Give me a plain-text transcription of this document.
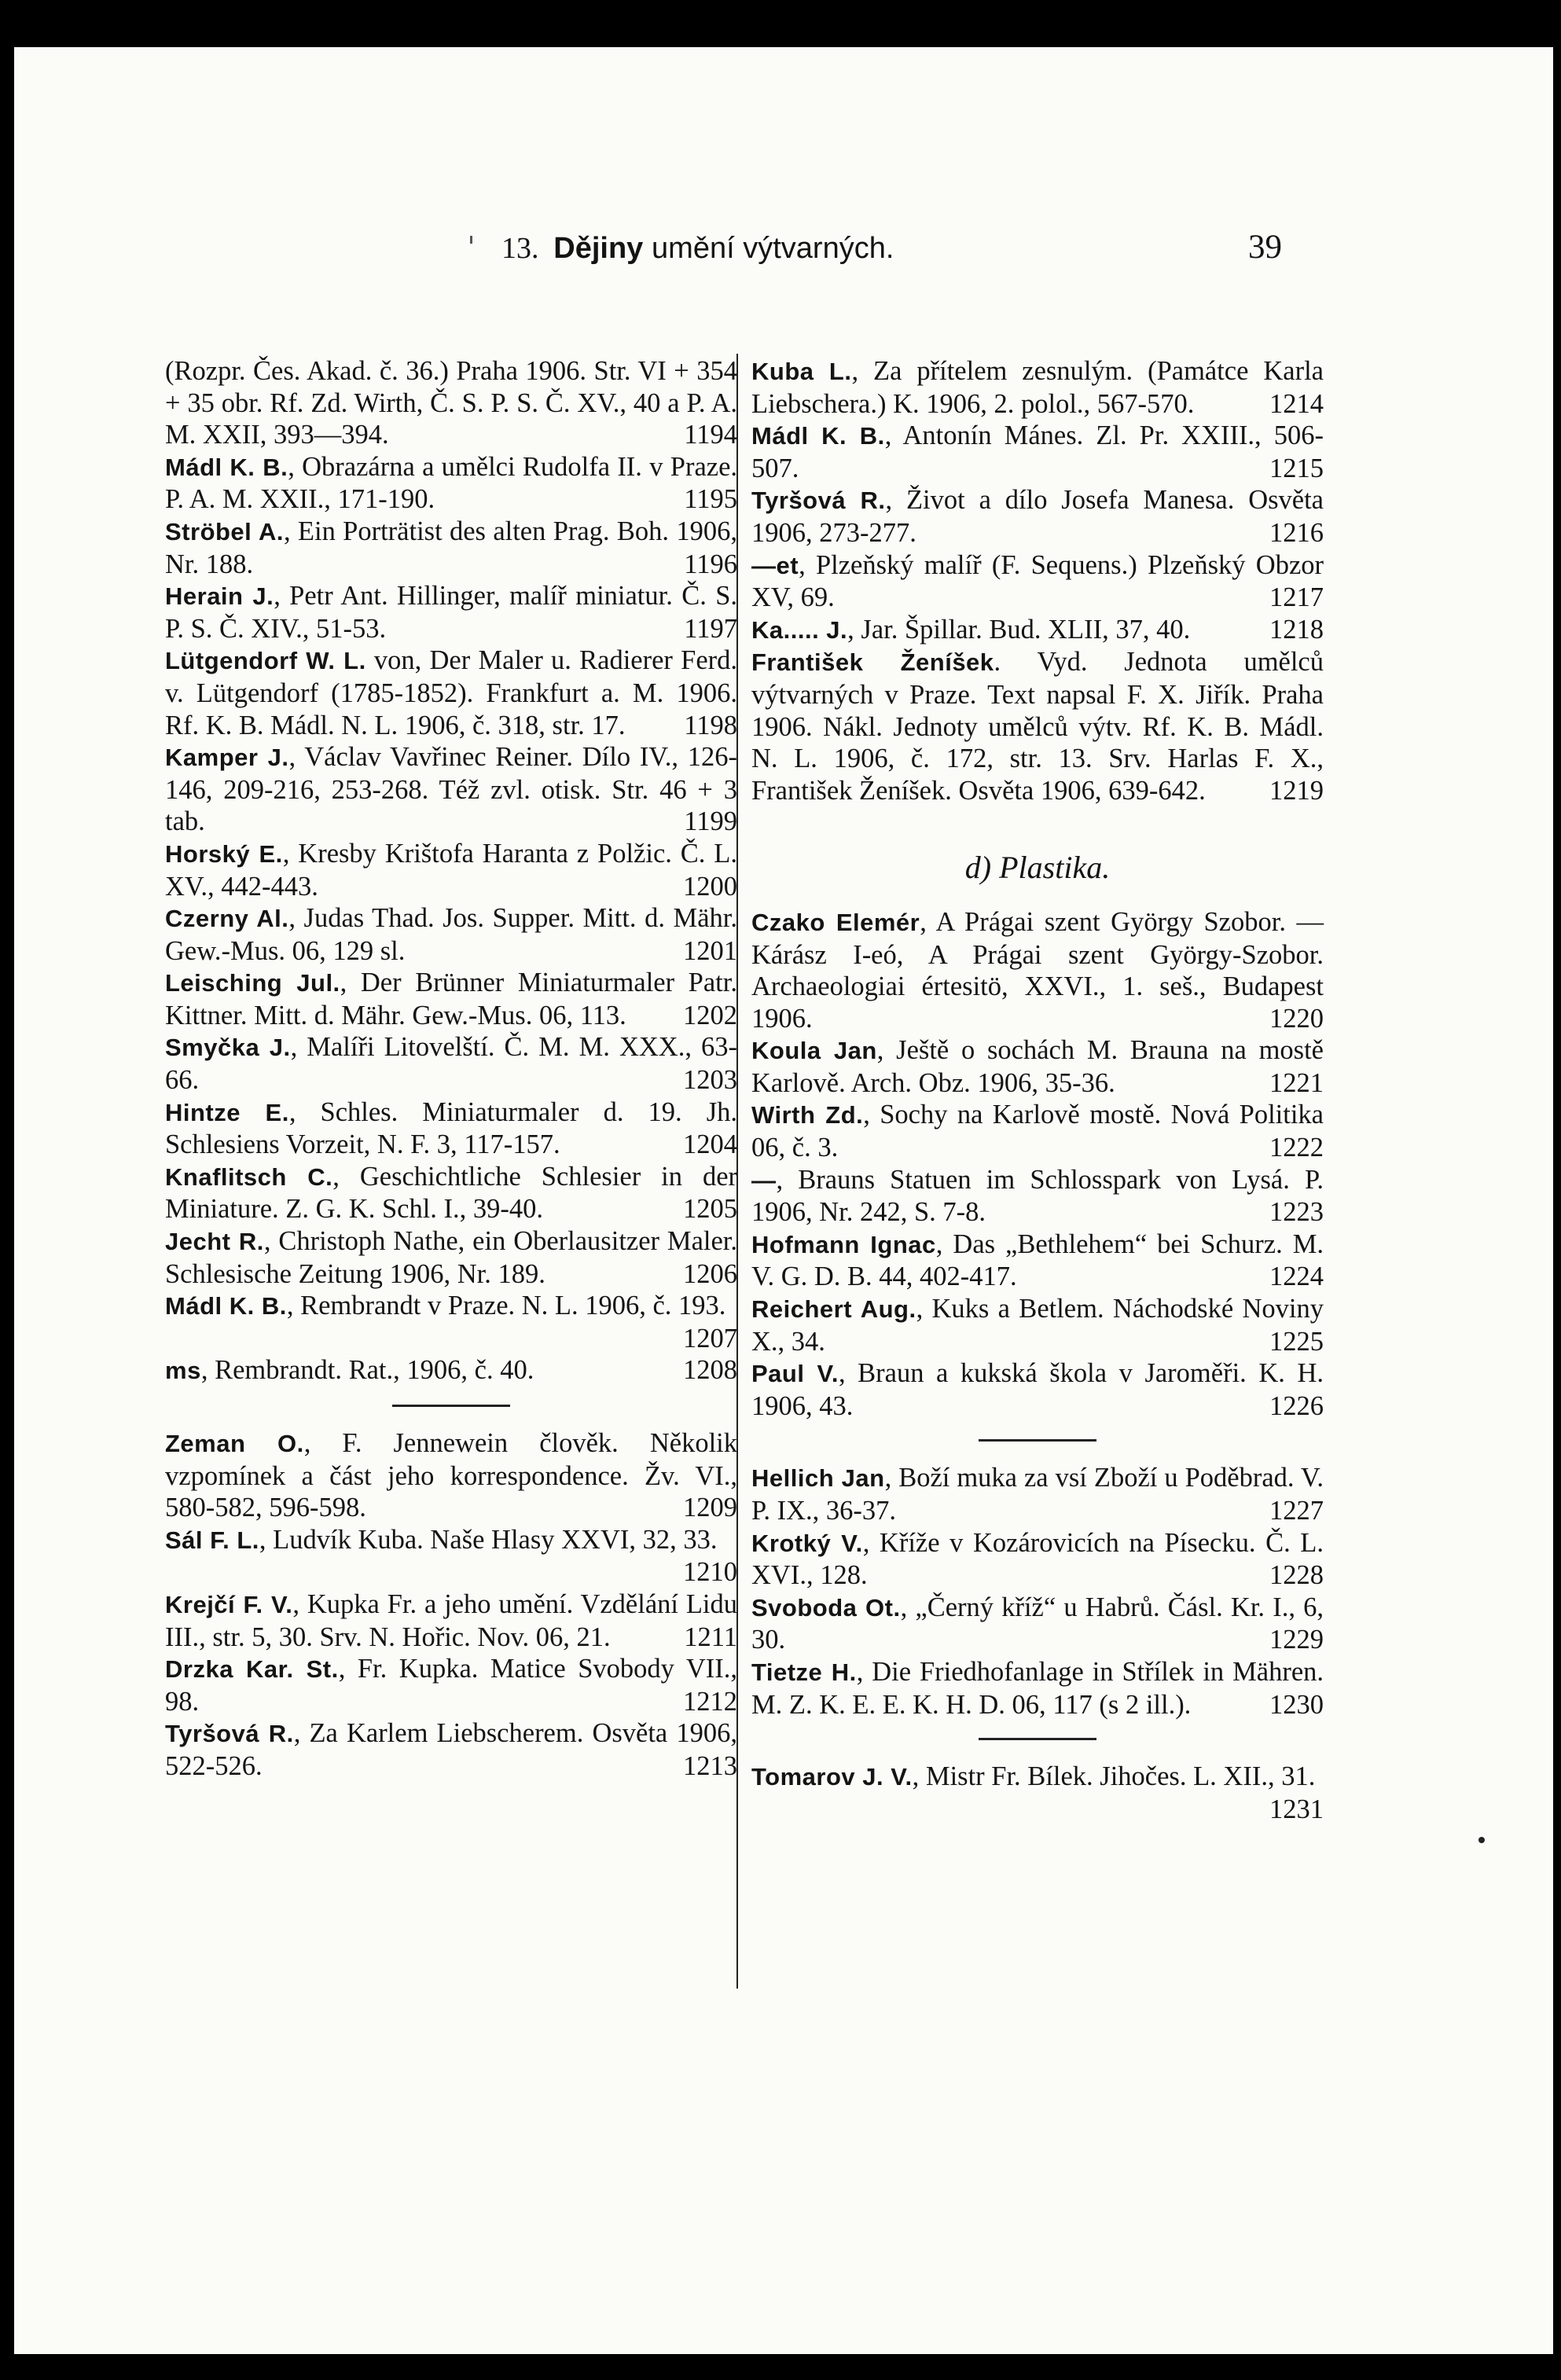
13. Dějiny umění výtvarných.	39

(Rozpr. Čes. Akad. č. 36.) Praha 1906. Str. VI + 354 + 35 obr. Rf. Zd. Wirth, Č. S. P. S. Č. XV., 40 a P. A. M. XXII, 393—394.	1194

Mádl K. B., Obrazárna a umělci Rudolfa II. v Praze. P. A. M. XXII., 171-190.	1195

Ströbel A., Ein Porträtist des alten Prag. Boh. 1906, Nr. 188.	1196

Herain J., Petr Ant. Hillinger, malíř miniatur. Č. S. P. S. Č. XIV., 51-53.	1197

Lütgendorf W. L. von, Der Maler u. Radierer Ferd. v. Lütgendorf (1785-1852). Frankfurt a. M. 1906. Rf. K. B. Mádl. N. L. 1906, č. 318, str. 17. 1198

Kamper J., Václav Vavřinec Reiner. Dílo IV., 126-146, 209-216, 253-268. Též zvl. otisk. Str. 46 + 3 tab.	1199

Horský E., Kresby Krištofa Haranta z Polžic. Č. L. XV., 442-443.	1200

Czerny Al., Judas Thad. Jos. Supper. Mitt. d. Mähr. Gew.-Mus. 06, 129 sl.	1201

Leisching Jul., Der Brünner Miniaturmaler Patr. Kittner. Mitt. d. Mähr. Gew.-Mus. 06, 113. 1202

Smyčka J., Malíři Litovelští. Č. M. M. XXX., 63-66.	1203

Hintze E., Schles. Miniaturmaler d. 19. Jh. Schlesiens Vorzeit, N. F. 3, 117-157.	1204

Knaflitsch C., Geschichtliche Schlesier in der Miniature. Z. G. K. Schl. I., 39-40.	1205

Jecht R., Christoph Nathe, ein Oberlausitzer Maler. Schlesische Zeitung 1906, Nr. 189.	1206

Mádl K. B., Rembrandt v Praze. N. L. 1906, č. 193.
1207

ms, Rembrandt. Rat., 1906, č. 40.	1208

Zeman O., F. Jennewein člověk. Několik vzpomínek a část jeho korrespondence. Žv. VI., 580-582, 596-598.	1209

Sál F. L., Ludvík Kuba. Naše Hlasy XXVI, 32, 33.
1210

Krejčí F. V., Kupka Fr. a jeho umění. Vzdělání Lidu III., str. 5, 30. Srv. N. Hořic. Nov. 06, 21.	1211

Drzka Kar. St., Fr. Kupka. Matice Svobody VII., 98.	1212

Tyršová R., Za Karlem Liebscherem. Osvěta 1906, 522-526.	1213

Kuba L., Za přítelem zesnulým. (Památce Karla Liebschera.) K. 1906, 2. polol., 567-570.	1214

Mádl K. B., Antonín Mánes. Zl. Pr. XXIII., 506-507.	1215

Tyršová R., Život a dílo Josefa Manesa. Osvěta 1906, 273-277.	1216

—et, Plzeňský malíř (F. Sequens.) Plzeňský Obzor XV, 69.	1217

Ka..... J., Jar. Špillar. Bud. XLII, 37, 40.	1218

František Ženíšek. Vyd. Jednota umělců výtvarných v Praze. Text napsal F. X. Jiřík. Praha 1906. Nákl. Jednoty umělců výtv. Rf. K. B. Mádl. N. L. 1906, č. 172, str. 13. Srv. Harlas F. X., František Ženíšek. Osvěta 1906, 639-642. 1219

d) Plastika.

Czako Elemér, A Prágai szent György Szobor. — Kárász I-eó, A Prágai szent György-Szobor. Archaeologiai értesitö, XXVI., 1. seš., Budapest 1906.	1220

Koula Jan, Ještě o sochách M. Brauna na mostě Karlově. Arch. Obz. 1906, 35-36.	1221

Wirth Zd., Sochy na Karlově mostě. Nová Politika 06, č. 3.	1222

—, Brauns Statuen im Schlosspark von Lysá. P. 1906, Nr. 242, S. 7-8.	1223

Hofmann Ignac, Das „Bethlehem“ bei Schurz. M. V. G. D. B. 44, 402-417.	1224

Reichert Aug., Kuks a Betlem. Náchodské Noviny X., 34.	1225

Paul V., Braun a kukská škola v Jaroměři. K. H. 1906, 43.	1226

Hellich Jan, Boží muka za vsí Zboží u Poděbrad. V. P. IX., 36-37.	1227

Krotký V., Kříže v Kozárovicích na Písecku. Č. L. XVI., 128.	1228

Svoboda Ot., „Černý kříž“ u Habrů. Čásl. Kr. I., 6, 30.	1229

Tietze H., Die Friedhofanlage in Střílek in Mähren. M. Z. K. E. E. K. H. D. 06, 117 (s 2 ill.).	1230

Tomarov J. V., Mistr Fr. Bílek. Jihočes. L. XII., 31.
1231
